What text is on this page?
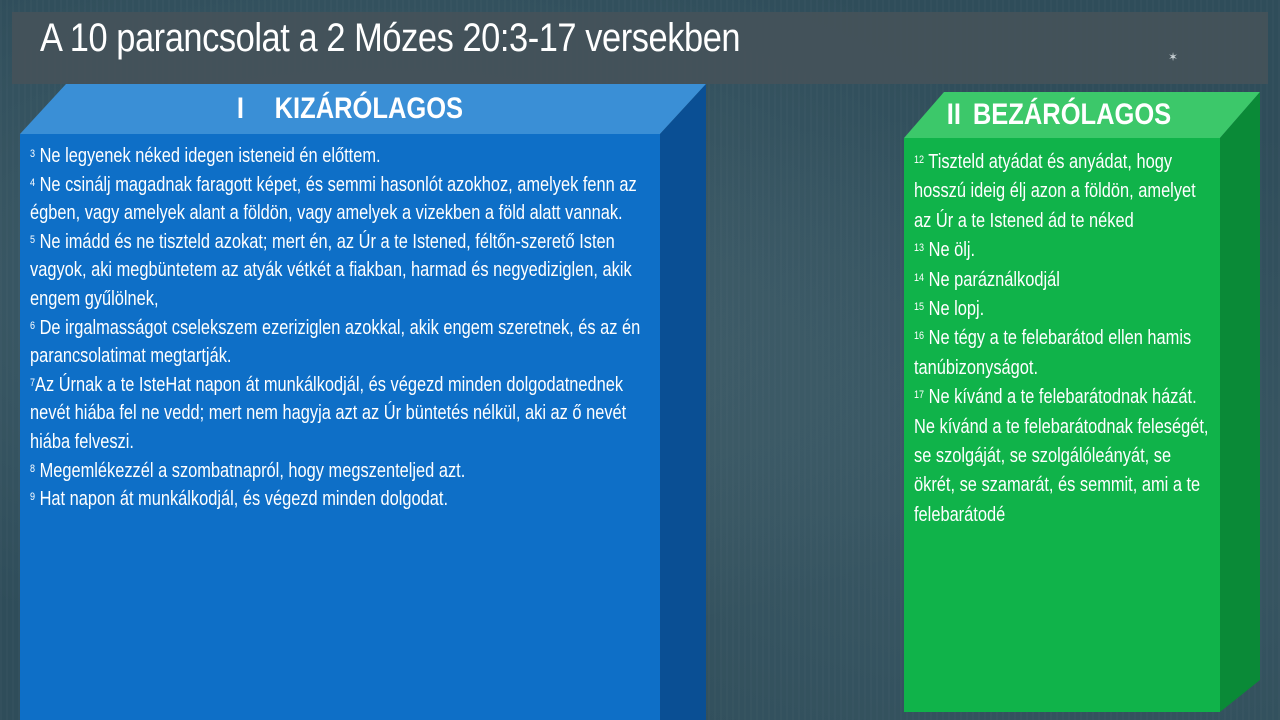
A 10 parancsolat a 2 Mózes 20:3-17 versekben	✶
I KIZÁRÓLAGOS

$^3$ Ne legyenek néked idegen isteneid én előttem.

$^4$ Ne csinálj magadnak faragott képet, és semmi hasonlót azokhoz, amelyek fenn az égben, vagy amelyek alant a földön, vagy amelyek a vizekben a föld alatt vannak.

$^5$ Ne imádd és ne tiszteld azokat; mert én, az Úr a te Istened, féltőn-szerető Isten vagyok, aki megbüntetem az atyák vétkét a fiakban, harmad és negyediziglen, akik engem gyűlölnek,

$^6$ De irgalmasságot cselekszem ezeriziglen azokkal, akik engem szeretnek, és az én parancsolatimat megtartják.

$^7$Az Úrnak a te IsteHat napon át munkálkodjál, és végezd minden dolgodatnednek nevét hiába fel ne vedd; mert nem hagyja azt az Úr büntetés nélkül, aki az ő nevét hiába felveszi.

$^8$ Megemlékezzél a szombatnapról, hogy megszenteljed azt.

$^9$ Hat napon át munkálkodjál, és végezd minden dolgodat.

II BEZÁRÓLAGOS

$^{12}$ Tiszteld atyádat és anyádat, hogy hosszú ideig élj azon a földön, amelyet az Úr a te Istened ád te néked

$^{13}$ Ne ölj.

$^{14}$ Ne paráználkodjál

$^{15}$ Ne lopj.

$^{16}$ Ne tégy a te felebarátod ellen hamis tanúbizonyságot.

$^{17}$ Ne kívánd a te felebarátodnak házát. Ne kívánd a te felebarátodnak feleségét, se szolgáját, se szolgálóleányát, se ökrét, se szamarát, és semmit, ami a te felebarátodé
